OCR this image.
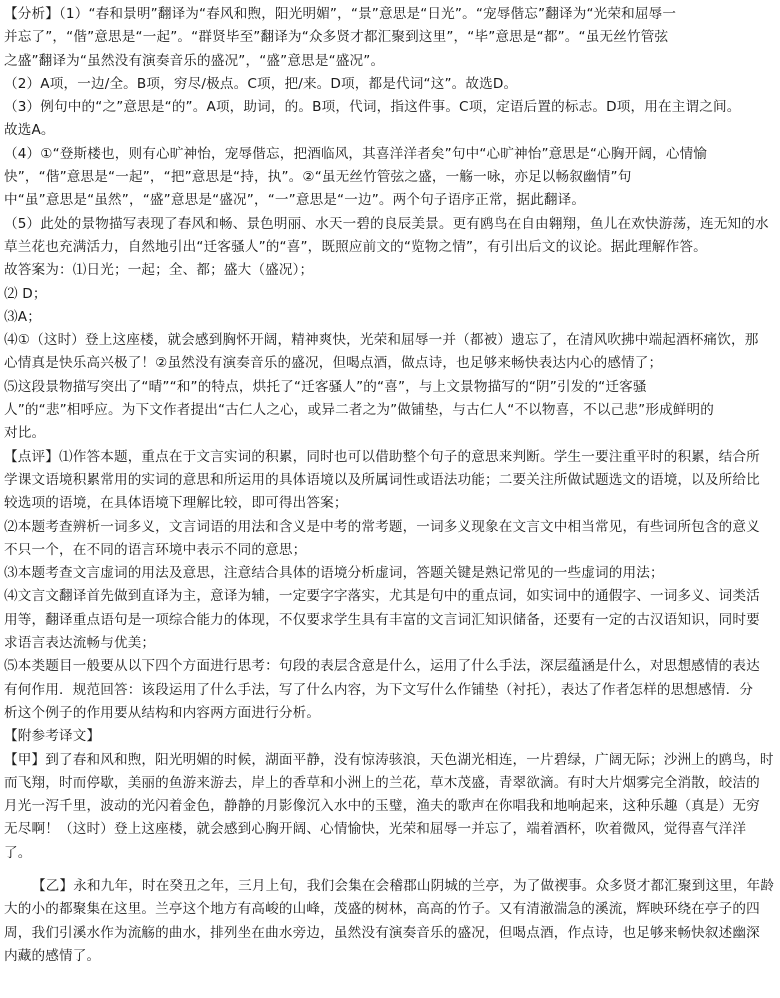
【分析】（1）“春和景明”翻译为“春风和煦，阳光明媚”，“景”意思是“日光”。“宠辱偕忘”翻译为“光荣和屈辱一
并忘了”，“偕”意思是“一起”。“群贤毕至”翻译为“众多贤才都汇聚到这里”，“毕”意思是“都”。“虽无丝竹管弦
之盛”翻译为“虽然没有演奏音乐的盛况”，“盛”意思是“盛况”。
（2）A项，一边/全。B项，穷尽/极点。C项，把/来。D项，都是代词“这”。故选D。
（3）例句中的“之”意思是“的”。A项，助词，的。B项，代词，指这件事。C项，定语后置的标志。D项，用在主谓之间。
故选A。
（4）①“登斯楼也，则有心旷神怡，宠辱偕忘，把酒临风，其喜洋洋者矣”句中“心旷神怡”意思是“心胸开阔，心情愉
快”，“偕”意思是“一起”，“把”意思是“持，执”。②“虽无丝竹管弦之盛，一觞一咏，亦足以畅叙幽情”句
中“虽”意思是“虽然”，“盛”意思是“盛况”，“一”意思是“一边”。两个句子语序正常，据此翻译。
（5）此处的景物描写表现了春风和畅、景色明丽、水天一碧的良辰美景。更有鸥鸟在自由翱翔，鱼儿在欢快游荡，连无知的水
草兰花也充满活力，自然地引出“迁客骚人”的“喜”，既照应前文的“览物之情”，有引出后文的议论。据此理解作答。
故答案为：⑴日光；一起；全、都；盛大（盛况）；
⑵ D；
⑶A；
⑷①（这时）登上这座楼，就会感到胸怀开阔，精神爽快，光荣和屈辱一并（都被）遗忘了，在清风吹拂中端起酒杯痛饮，那
心情真是快乐高兴极了！②虽然没有演奏音乐的盛况，但喝点酒，做点诗，也足够来畅快表达内心的感情了；
⑸这段景物描写突出了“晴”“和”的特点，烘托了“迁客骚人”的“喜”，与上文景物描写的“阴”引发的“迁客骚
人”的“悲”相呼应。为下文作者提出“古仁人之心，或异二者之为”做铺垫，与古仁人“不以物喜，不以己悲”形成鲜明的
对比。
【点评】⑴作答本题，重点在于文言实词的积累，同时也可以借助整个句子的意思来判断。学生一要注重平时的积累，结合所
学课文语境积累常用的实词的意思和所运用的具体语境以及所属词性或语法功能；二要关注所做试题选文的语境，以及所给比
较选项的语境，在具体语境下理解比较，即可得出答案；
⑵本题考查辨析一词多义，文言词语的用法和含义是中考的常考题，一词多义现象在文言文中相当常见，有些词所包含的意义
不只一个，在不同的语言环境中表示不同的意思；
⑶本题考查文言虚词的用法及意思，注意结合具体的语境分析虚词，答题关键是熟记常见的一些虚词的用法；
⑷文言文翻译首先做到直译为主，意译为辅，一定要字字落实，尤其是句中的重点词，如实词中的通假字、一词多义、词类活
用等，翻译重点语句是一项综合能力的体现，不仅要求学生具有丰富的文言词汇知识储备，还要有一定的古汉语知识，同时要
求语言表达流畅与优美；
⑸本类题目一般要从以下四个方面进行思考：句段的表层含意是什么，运用了什么手法，深层蕴涵是什么，对思想感情的表达
有何作用．规范回答：该段运用了什么手法，写了什么内容，为下文写什么作铺垫（衬托），表达了作者怎样的思想感情．分
析这个例子的作用要从结构和内容两方面进行分析。
【附参考译文】
【甲】到了春和风和煦，阳光明媚的时候，湖面平静，没有惊涛骇浪，天色湖光相连，一片碧绿，广阔无际；沙洲上的鸥鸟，时
而飞翔，时而停歇，美丽的鱼游来游去，岸上的香草和小洲上的兰花，草木茂盛，青翠欲滴。有时大片烟雾完全消散，皎洁的
月光一泻千里，波动的光闪着金色，静静的月影像沉入水中的玉璧，渔夫的歌声在你唱我和地响起来，这种乐趣（真是）无穷
无尽啊！（这时）登上这座楼，就会感到心胸开阔、心情愉快，光荣和屈辱一并忘了，端着酒杯，吹着微风，觉得喜气洋洋
了。
【乙】永和九年，时在癸丑之年，三月上旬，我们会集在会稽郡山阴城的兰亭，为了做禊事。众多贤才都汇聚到这里，年龄
大的小的都聚集在这里。兰亭这个地方有高峻的山峰，茂盛的树林，高高的竹子。又有清澈湍急的溪流，辉映环绕在亭子的四
周，我们引溪水作为流觞的曲水，排列坐在曲水旁边，虽然没有演奏音乐的盛况，但喝点酒，作点诗，也足够来畅快叙述幽深
内藏的感情了。
